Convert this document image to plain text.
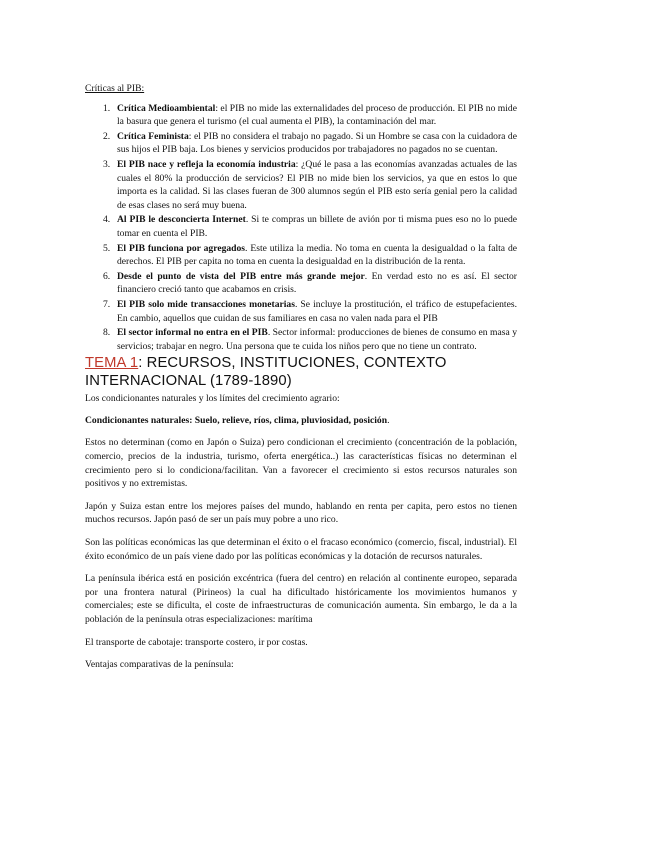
Críticas al PIB:
1. Crítica Medioambiental: el PIB no mide las externalidades del proceso de producción. El PIB no mide la basura que genera el turismo (el cual aumenta el PIB), la contaminación del mar.
2. Crítica Feminista: el PIB no considera el trabajo no pagado. Si un Hombre se casa con la cuidadora de sus hijos el PIB baja. Los bienes y servicios producidos por trabajadores no pagados no se cuentan.
3. El PIB nace y refleja la economía industria: ¿Qué le pasa a las economías avanzadas actuales de las cuales el 80% la producción de servicios? El PIB no mide bien los servicios, ya que en estos lo que importa es la calidad. Si las clases fueran de 300 alumnos según el PIB esto sería genial pero la calidad de esas clases no será muy buena.
4. Al PIB le desconcierta Internet. Si te compras un billete de avión por ti misma pues eso no lo puede tomar en cuenta el PIB.
5. El PIB funciona por agregados. Este utiliza la media. No toma en cuenta la desigualdad o la falta de derechos. El PIB per capita no toma en cuenta la desigualdad en la distribución de la renta.
6. Desde el punto de vista del PIB entre más grande mejor. En verdad esto no es así. El sector financiero creció tanto que acabamos en crisis.
7. El PIB solo mide transacciones monetarias. Se incluye la prostitución, el tráfico de estupefacientes. En cambio, aquellos que cuidan de sus familiares en casa no valen nada para el PIB
8. El sector informal no entra en el PIB. Sector informal: producciones de bienes de consumo en masa y servicios; trabajar en negro. Una persona que te cuida los niños pero que no tiene un contrato.
TEMA 1: RECURSOS, INSTITUCIONES, CONTEXTO INTERNACIONAL (1789-1890)

Los condicionantes naturales y los límites del crecimiento agrario:

Condicionantes naturales: Suelo, relieve, ríos, clima, pluviosidad, posición.

Estos no determinan (como en Japón o Suiza) pero condicionan el crecimiento (concentración de la población, comercio, precios de la industria, turismo, oferta energética..) las características físicas no determinan el crecimiento pero si lo condiciona/facilitan. Van a favorecer el crecimiento si estos recursos naturales son positivos y no extremistas.

Japón y Suiza estan entre los mejores países del mundo, hablando en renta per capita, pero estos no tienen muchos recursos. Japón pasó de ser un país muy pobre a uno rico.

Son las políticas económicas las que determinan el éxito o el fracaso económico (comercio, fiscal, industrial). El éxito económico de un país viene dado por las políticas económicas y la dotación de recursos naturales.

La península ibérica está en posición excéntrica (fuera del centro) en relación al continente europeo, separada por una frontera natural (Pirineos) la cual ha dificultado históricamente los movimientos humanos y comerciales; este se dificulta, el coste de infraestructuras de comunicación aumenta. Sin embargo, le da a la población de la península otras especializaciones: marítima

El transporte de cabotaje: transporte costero, ir por costas.

Ventajas comparativas de la península:
